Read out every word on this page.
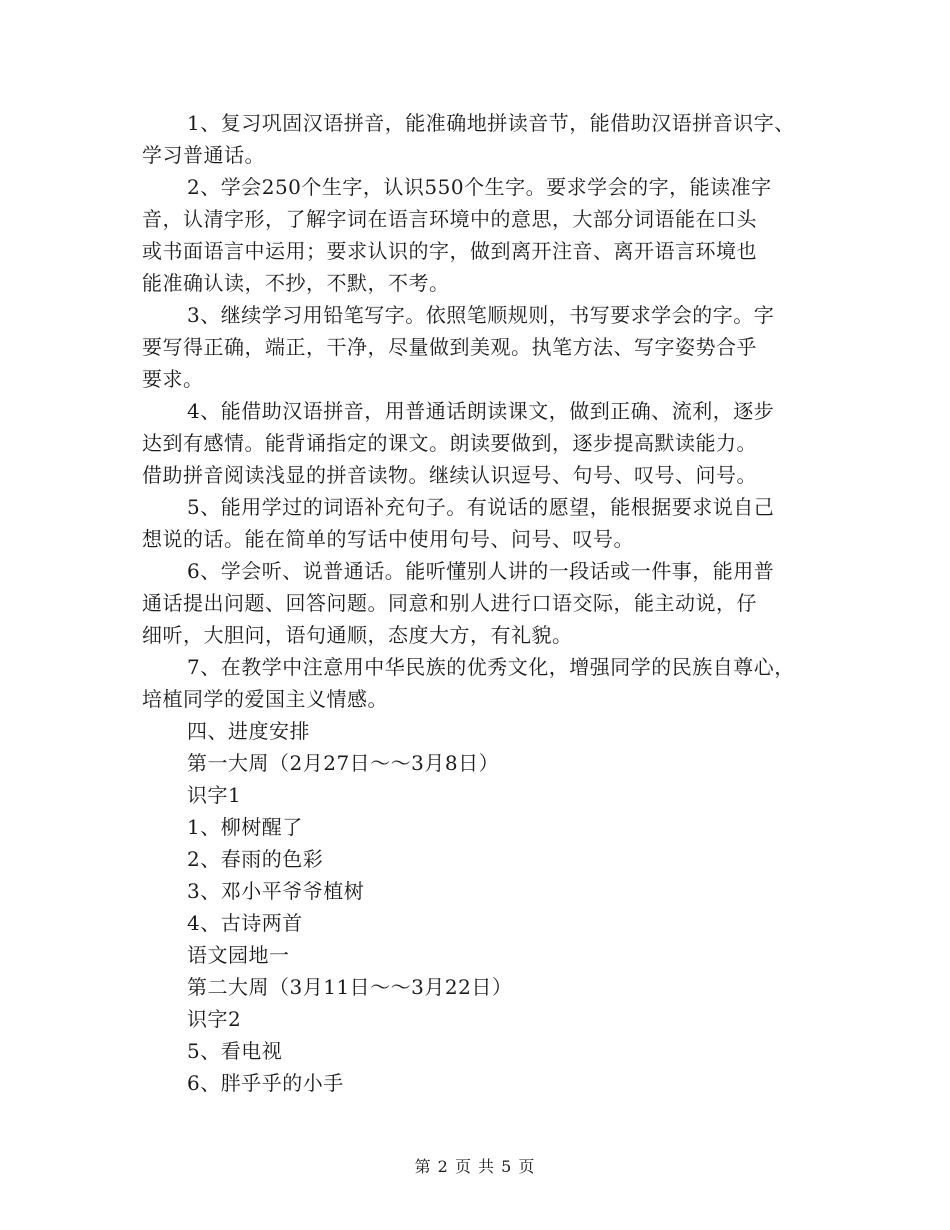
1、复习巩固汉语拼音，能准确地拼读音节，能借助汉语拼音识字、
学习普通话。
2、学会250个生字，认识550个生字。要求学会的字，能读准字
音，认清字形，了解字词在语言环境中的意思，大部分词语能在口头
或书面语言中运用；要求认识的字，做到离开注音、离开语言环境也
能准确认读，不抄，不默，不考。
3、继续学习用铅笔写字。依照笔顺规则，书写要求学会的字。字
要写得正确，端正，干净，尽量做到美观。执笔方法、写字姿势合乎
要求。
4、能借助汉语拼音，用普通话朗读课文，做到正确、流利，逐步
达到有感情。能背诵指定的课文。朗读要做到，逐步提高默读能力。
借助拼音阅读浅显的拼音读物。继续认识逗号、句号、叹号、问号。
5、能用学过的词语补充句子。有说话的愿望，能根据要求说自己
想说的话。能在简单的写话中使用句号、问号、叹号。
6、学会听、说普通话。能听懂别人讲的一段话或一件事，能用普
通话提出问题、回答问题。同意和别人进行口语交际，能主动说，仔
细听，大胆问，语句通顺，态度大方，有礼貌。
7、在教学中注意用中华民族的优秀文化，增强同学的民族自尊心，
培植同学的爱国主义情感。
四、进度安排
第一大周（2月27日～～3月8日）
识字1
1、柳树醒了
2、春雨的色彩
3、邓小平爷爷植树
4、古诗两首
语文园地一
第二大周（3月11日～～3月22日）
识字2
5、看电视
6、胖乎乎的小手
第 2 页 共 5 页
